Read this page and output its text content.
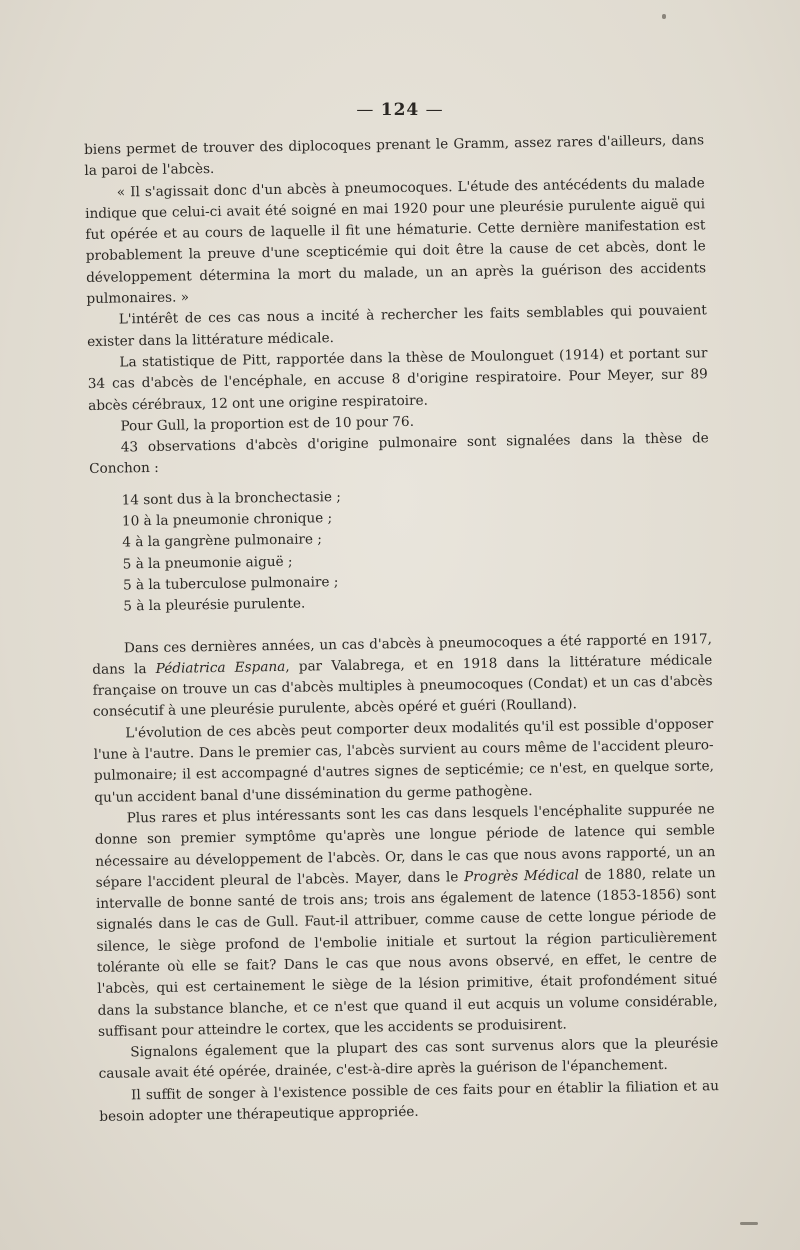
— 124 —

biens permet de trouver des diplocoques prenant le Gramm, assez rares d'ailleurs, dans la paroi de l'abcès.

« Il s'agissait donc d'un abcès à pneumocoques. L'étude des antécédents du malade indique que celui-ci avait été soigné en mai 1920 pour une pleurésie purulente aiguë qui fut opérée et au cours de laquelle il fit une hématurie. Cette dernière manifestation est probablement la preuve d'une scepticémie qui doit être la cause de cet abcès, dont le développement détermina la mort du malade, un an après la guérison des accidents pulmonaires. »

L'intérêt de ces cas nous a incité à rechercher les faits semblables qui pouvaient exister dans la littérature médicale.

La statistique de Pitt, rapportée dans la thèse de Moulonguet (1914) et portant sur 34 cas d'abcès de l'encéphale, en accuse 8 d'origine respiratoire. Pour Meyer, sur 89 abcès cérébraux, 12 ont une origine respiratoire.

Pour Gull, la proportion est de 10 pour 76.

43 observations d'abcès d'origine pulmonaire sont signalées dans la thèse de Conchon :

14 sont dus à la bronchectasie ;
10 à la pneumonie chronique ;
4 à la gangrène pulmonaire ;
5 à la pneumonie aiguë ;
5 à la tuberculose pulmonaire ;
5 à la pleurésie purulente.

Dans ces dernières années, un cas d'abcès à pneumocoques a été rapporté en 1917, dans la Pédiatrica Espana, par Valabrega, et en 1918 dans la littérature médicale française on trouve un cas d'abcès multiples à pneumocoques (Condat) et un cas d'abcès consécutif à une pleurésie purulente, abcès opéré et guéri (Roulland).

L'évolution de ces abcès peut comporter deux modalités qu'il est possible d'opposer l'une à l'autre. Dans le premier cas, l'abcès survient au cours même de l'accident pleuro-pulmonaire; il est accompagné d'autres signes de septicémie; ce n'est, en quelque sorte, qu'un accident banal d'une dissémination du germe pathogène.

Plus rares et plus intéressants sont les cas dans lesquels l'encéphalite suppurée ne donne son premier symptôme qu'après une longue période de latence qui semble nécessaire au développement de l'abcès. Or, dans le cas que nous avons rapporté, un an sépare l'accident pleural de l'abcès. Mayer, dans le Progrès Médical de 1880, relate un intervalle de bonne santé de trois ans; trois ans également de latence (1853-1856) sont signalés dans le cas de Gull. Faut-il attribuer, comme cause de cette longue période de silence, le siège profond de l'embolie initiale et surtout la région particulièrement tolérante où elle se fait? Dans le cas que nous avons observé, en effet, le centre de l'abcès, qui est certainement le siège de la lésion primitive, était profondément situé dans la substance blanche, et ce n'est que quand il eut acquis un volume considérable, suffisant pour atteindre le cortex, que les accidents se produisirent.

Signalons également que la plupart des cas sont survenus alors que la pleurésie causale avait été opérée, drainée, c'est-à-dire après la guérison de l'épanchement.

Il suffit de songer à l'existence possible de ces faits pour en établir la filiation et au besoin adopter une thérapeutique appropriée.
